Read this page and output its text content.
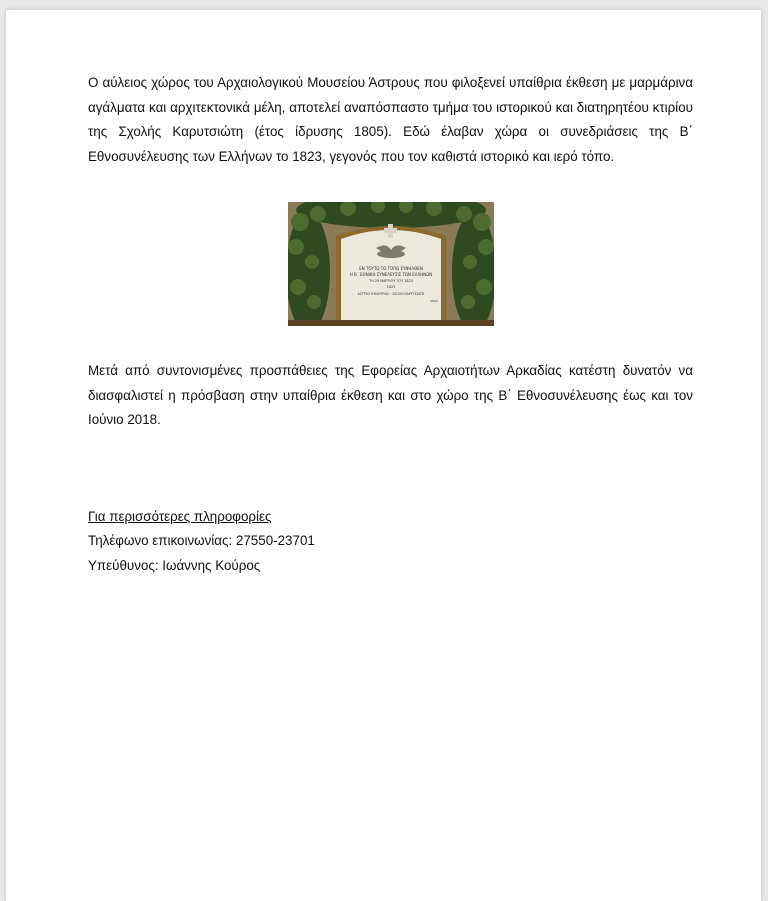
Ο αύλειος χώρος του Αρχαιολογικού Μουσείου Άστρους που φιλοξενεί υπαίθρια έκθεση με μαρμάρινα αγάλματα και αρχιτεκτονικά μέλη, αποτελεί αναπόσπαστο τμήμα του ιστορικού και διατηρητέου κτιρίου της Σχολής Καρυτσιώτη (έτος ίδρυσης 1805). Εδώ έλαβαν χώρα οι συνεδριάσεις της Β΄ Εθνοσυνέλευσης των Ελλήνων το 1823, γεγονός που τον καθιστά ιστορικό και ιερό τόπο.

ΕΝ ΤΟΥΤΩ ΤΩ ΤΟΠΩ ΣΥΝΗΛΘΕΝ
Η Β΄ ΕΘΝΙΚΗ ΣΥΝΕΛΕΥΣΙΣ ΤΩΝ ΕΛΛΗΝΩΝ
ΤΗ 29 ΜΑΡΤΙΟΥ ΤΟΥ 1823
1823
ΑΣΤΡΟΣ ΚΥΝΟΥΡΙΑΣ · ΣΧΟΛΗ ΚΑΡΥΤΣΙΩΤΗ
1823

Μετά από συντονισμένες προσπάθειες της Εφορείας Αρχαιοτήτων Αρκαδίας κατέστη δυνατόν να διασφαλιστεί η πρόσβαση στην υπαίθρια έκθεση και στο χώρο της Β΄ Εθνοσυνέλευσης έως και τον Ιούνιο 2018.

Για περισσότερες πληροφορίες

Τηλέφωνο επικοινωνίας: 27550-23701

Υπεύθυνος: Ιωάννης Κούρος
